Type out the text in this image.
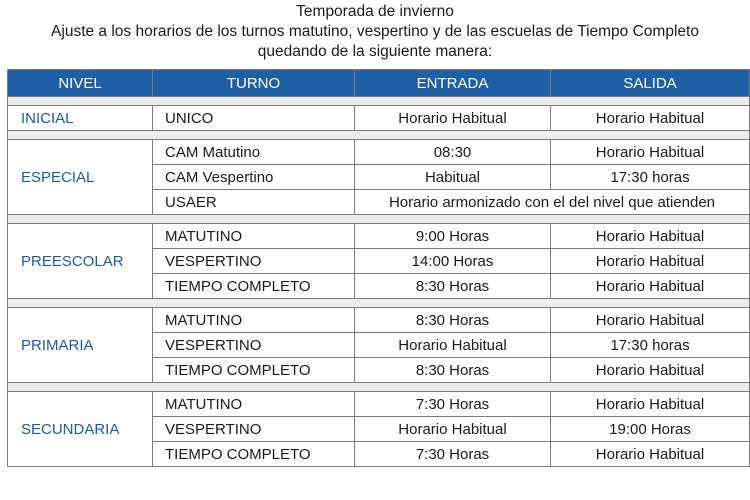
Temporada de invierno
Ajuste a los horarios de los turnos matutino, vespertino y de las escuelas de Tiempo Completo
quedando de la siguiente manera:
NIVEL	TURNO	ENTRADA	SALIDA

INICIAL	UNICO	Horario Habitual	Horario Habitual

ESPECIAL	CAM Matutino	08:30	Horario Habitual
	CAM Vespertino	Habitual	17:30 horas
	USAER	Horario armonizado con el del nivel que atienden	

PREESCOLAR	MATUTINO	9:00 Horas	Horario Habitual
	VESPERTINO	14:00 Horas	Horario Habitual
	TIEMPO COMPLETO	8:30 Horas	Horario Habitual

PRIMARIA	MATUTINO	8:30 Horas	Horario Habitual
	VESPERTINO	Horario Habitual	17:30 horas
	TIEMPO COMPLETO	8:30 Horas	Horario Habitual

SECUNDARIA	MATUTINO	7:30 Horas	Horario Habitual
	VESPERTINO	Horario Habitual	19:00 Horas
	TIEMPO COMPLETO	7:30 Horas	Horario Habitual
